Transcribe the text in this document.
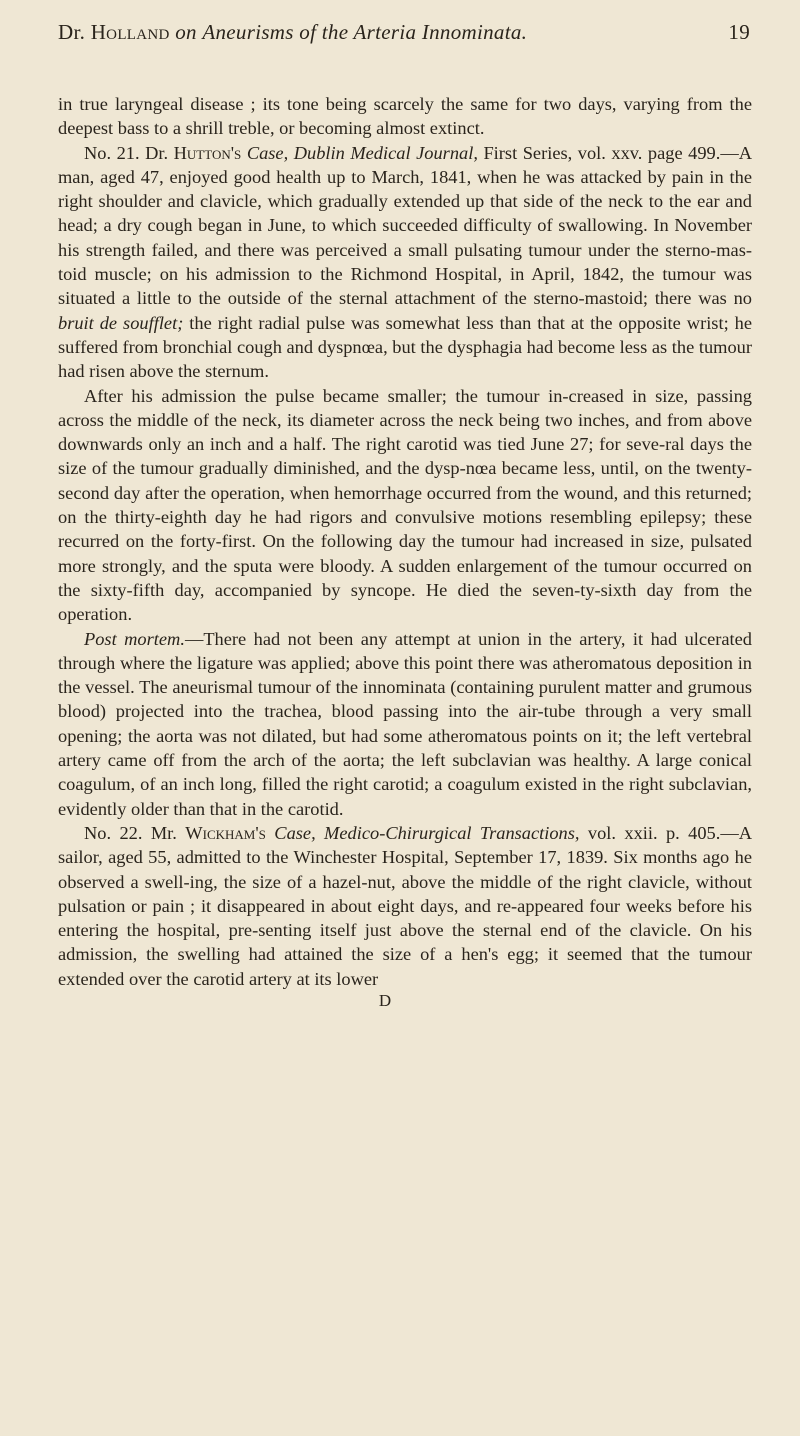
Dr. Holland on Aneurisms of the Arteria Innominata.	19

in true laryngeal disease ; its tone being scarcely the same for two days, varying from the deepest bass to a shrill treble, or becoming almost extinct.

No. 21. Dr. Hutton's Case, Dublin Medical Journal, First Series, vol. xxv. page 499.—A man, aged 47, enjoyed good health up to March, 1841, when he was attacked by pain in the right shoulder and clavicle, which gradually extended up that side of the neck to the ear and head; a dry cough began in June, to which succeeded difficulty of swallowing. In November his strength failed, and there was perceived a small pulsating tumour under the sterno-mas-toid muscle; on his admission to the Richmond Hospital, in April, 1842, the tumour was situated a little to the outside of the sternal attachment of the sterno-mastoid; there was no bruit de soufflet; the right radial pulse was somewhat less than that at the opposite wrist; he suffered from bronchial cough and dyspnœa, but the dysphagia had become less as the tumour had risen above the sternum.

After his admission the pulse became smaller; the tumour in-creased in size, passing across the middle of the neck, its diameter across the neck being two inches, and from above downwards only an inch and a half. The right carotid was tied June 27; for seve-ral days the size of the tumour gradually diminished, and the dysp-nœa became less, until, on the twenty-second day after the operation, when hemorrhage occurred from the wound, and this returned; on the thirty-eighth day he had rigors and convulsive motions resembling epilepsy; these recurred on the forty-first. On the following day the tumour had increased in size, pulsated more strongly, and the sputa were bloody. A sudden enlargement of the tumour occurred on the sixty-fifth day, accompanied by syncope. He died the seven-ty-sixth day from the operation.

Post mortem.—There had not been any attempt at union in the artery, it had ulcerated through where the ligature was applied; above this point there was atheromatous deposition in the vessel. The aneurismal tumour of the innominata (containing purulent matter and grumous blood) projected into the trachea, blood passing into the air-tube through a very small opening; the aorta was not dilated, but had some atheromatous points on it; the left vertebral artery came off from the arch of the aorta; the left subclavian was healthy. A large conical coagulum, of an inch long, filled the right carotid; a coagulum existed in the right subclavian, evidently older than that in the carotid.

No. 22. Mr. Wickham's Case, Medico-Chirurgical Transactions, vol. xxii. p. 405.—A sailor, aged 55, admitted to the Winchester Hospital, September 17, 1839. Six months ago he observed a swell-ing, the size of a hazel-nut, above the middle of the right clavicle, without pulsation or pain ; it disappeared in about eight days, and re-appeared four weeks before his entering the hospital, pre-senting itself just above the sternal end of the clavicle. On his admission, the swelling had attained the size of a hen's egg; it seemed that the tumour extended over the carotid artery at its lower

D
